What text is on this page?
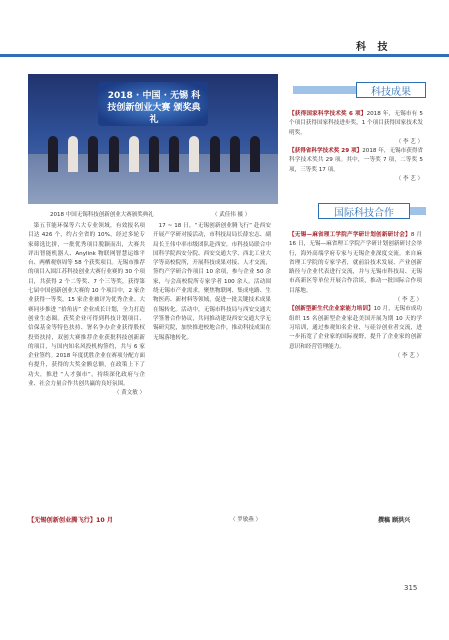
科 技
2018 · 中国 · 无锡 科技创新创业大赛 颁奖典礼
2018 中国无锡科技创新创业大赛颁奖典礼	（ 武佳伟 摄 ）
科技成果
国际科技合作
【获得国家科学技术奖 6 项】2018 年，无锡市有 5 个项目获得国家科技进步奖，1 个项目获得国家技术发明奖。
（ 李 艺 ）
【获得省科学技术奖 29 项】2018 年，无锡市获得省科学技术奖共 29 项。其中，一等奖 7 项，二等奖 5 项，三等奖 17 项。
（ 李 艺 ）

第五节能环保等六大专业领域，有效报名项目达 426 个，约占全省的 10%，经过多轮专家筛选比拼，一批优秀项目脱颖而出，大赛共评出智能机器人、Anylink 物联网智慧运维平台、两栖观察周等 58 个获奖项目。无锡市推荐的项目入围江苏科技创业大赛行业赛的 30 个项目，共获得 2 个二等奖、7 个三等奖，获得第七届中国创新创业大赛的 10 个项目中，2 家企业获得一等奖，15 家企业被评为优秀企业。大赛同步推进 “拾角齿” 企业成长计划，全力打造创业生态圈。获奖企业可得到科技计划项目、信保基金等特色扶持、署名争办企业获得股权投资扶持，双创大赛推荐企业获批科技创新新的项目，与国内知名风投机构签约，共与 6 家企业签约。2018 年度优胜企业在赛项分配方面有提升，获得的大奖金额总额，在政策上下了功夫，推进 “人才强市”，持续深化政府与企业、社会力量合作共创共赢的良好氛围。

（ 黄文敏 ）

17 ~ 18 日，“无锡创新创业腾飞行” 赴西安开展产学研对接活动，市科技局局长薛宏志、副局长王伟中率市级团队赴西安，市科技局联合中国科学院西安分院、西安交通大学、西北工业大学等高校院所，开展科技成果对接、人才交流，签约产学研合作项目 10 余项，参与企业 50 余家，与会高校院所专家学者 100 余人。活动围绕无锡市产业需求，聚焦物联网、集成电路、生物医药、新材料等领域，促进一批关键技术成果在锡转化。活动中，无锡市科技局与西安交通大学签署合作协议，共同推动建设西安交通大学无锡研究院，加快推进校地合作，推动科技成果在无锡落地转化。

【无锡—麻省理工学院产学研计划创新研讨会】8 月 16 日，无锡—麻省理工学院产学研计划创新研讨会举行，海外高端学府专家与无锡企业深度交流。来自麻省理工学院的专家学者，就前沿技术发展、产业创新路径与企业代表进行交流，并与无锡市科技局、无锡市高新区等单位开展合作洽谈，推动一批国际合作项目落地。
（ 李 艺 ）
【创新型新生代企业家能力培训】10 月，无锡市成功组织 15 名创新型企业家赴美国开展为期 10 天的学习培训，通过参观知名企业、与硅谷创业者交流，进一步拓宽了企业家的国际视野，提升了企业家的创新意识和经营管理能力。
（ 李 艺 ）
【无锡创新创业腾飞行】10 月	（ 罗敏燕 ）	撰稿 顾洪兴
315
